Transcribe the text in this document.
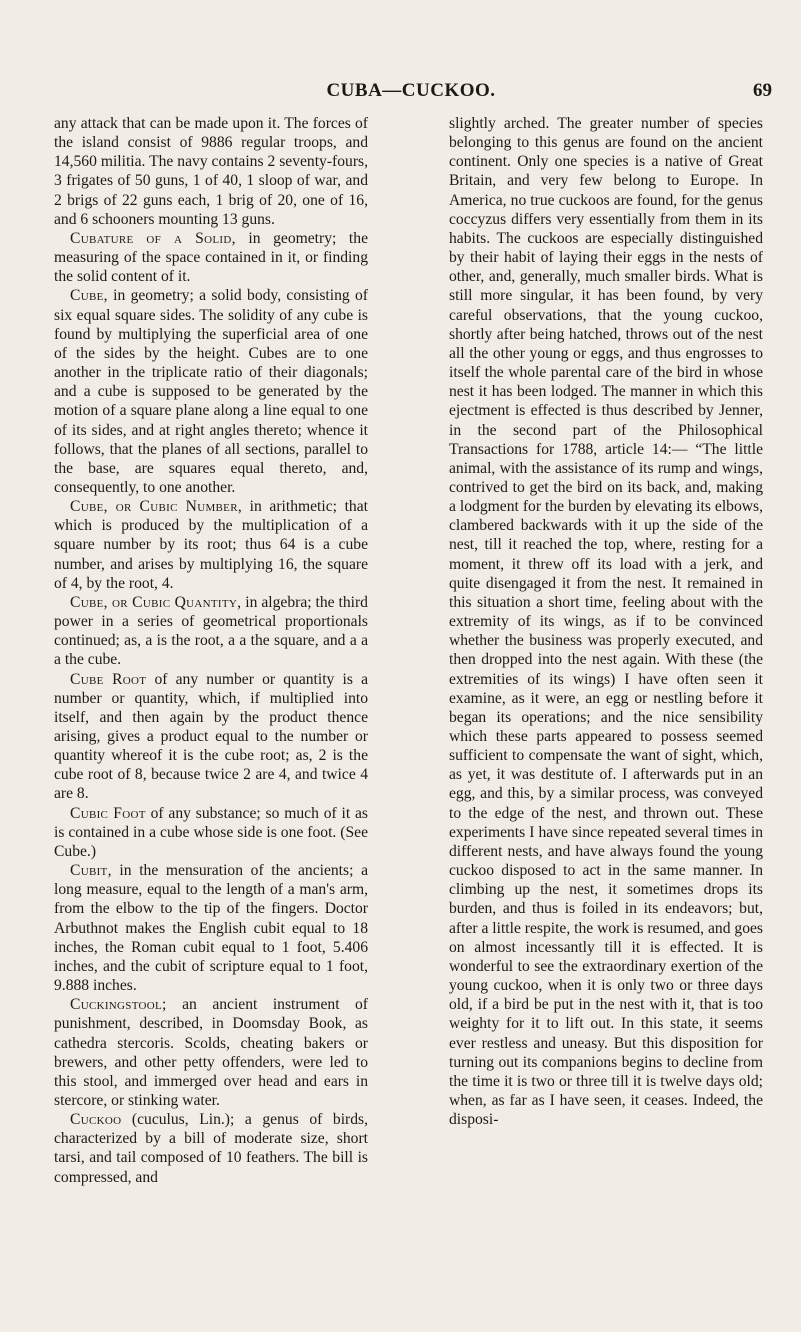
CUBA—CUCKOO.	69

any attack that can be made upon it. The forces of the island consist of 9886 regular troops, and 14,560 militia. The navy contains 2 seventy-fours, 3 frigates of 50 guns, 1 of 40, 1 sloop of war, and 2 brigs of 22 guns each, 1 brig of 20, one of 16, and 6 schooners mounting 13 guns.

Cubature of a Solid, in geometry; the measuring of the space contained in it, or finding the solid content of it.

Cube, in geometry; a solid body, consisting of six equal square sides. The solidity of any cube is found by multiplying the superficial area of one of the sides by the height. Cubes are to one another in the triplicate ratio of their diagonals; and a cube is supposed to be generated by the motion of a square plane along a line equal to one of its sides, and at right angles thereto; whence it follows, that the planes of all sections, parallel to the base, are squares equal thereto, and, consequently, to one another.

Cube, or Cubic Number, in arithmetic; that which is produced by the multiplication of a square number by its root; thus 64 is a cube number, and arises by multiplying 16, the square of 4, by the root, 4.

Cube, or Cubic Quantity, in algebra; the third power in a series of geometrical proportionals continued; as, a is the root, a a the square, and a a a the cube.

Cube Root of any number or quantity is a number or quantity, which, if multiplied into itself, and then again by the product thence arising, gives a product equal to the number or quantity whereof it is the cube root; as, 2 is the cube root of 8, because twice 2 are 4, and twice 4 are 8.

Cubic Foot of any substance; so much of it as is contained in a cube whose side is one foot. (See Cube.)

Cubit, in the mensuration of the ancients; a long measure, equal to the length of a man's arm, from the elbow to the tip of the fingers. Doctor Arbuthnot makes the English cubit equal to 18 inches, the Roman cubit equal to 1 foot, 5.406 inches, and the cubit of scripture equal to 1 foot, 9.888 inches.

Cuckingstool; an ancient instrument of punishment, described, in Doomsday Book, as cathedra stercoris. Scolds, cheating bakers or brewers, and other petty offenders, were led to this stool, and immerged over head and ears in stercore, or stinking water.

Cuckoo (cuculus, Lin.); a genus of birds, characterized by a bill of moderate size, short tarsi, and tail composed of 10 feathers. The bill is compressed, and

slightly arched. The greater number of species belonging to this genus are found on the ancient continent. Only one species is a native of Great Britain, and very few belong to Europe. In America, no true cuckoos are found, for the genus coccyzus differs very essentially from them in its habits. The cuckoos are especially distinguished by their habit of laying their eggs in the nests of other, and, generally, much smaller birds. What is still more singular, it has been found, by very careful observations, that the young cuckoo, shortly after being hatched, throws out of the nest all the other young or eggs, and thus engrosses to itself the whole parental care of the bird in whose nest it has been lodged. The manner in which this ejectment is effected is thus described by Jenner, in the second part of the Philosophical Transactions for 1788, article 14:— “The little animal, with the assistance of its rump and wings, contrived to get the bird on its back, and, making a lodgment for the burden by elevating its elbows, clambered backwards with it up the side of the nest, till it reached the top, where, resting for a moment, it threw off its load with a jerk, and quite disengaged it from the nest. It remained in this situation a short time, feeling about with the extremity of its wings, as if to be convinced whether the business was properly executed, and then dropped into the nest again. With these (the extremities of its wings) I have often seen it examine, as it were, an egg or nestling before it began its operations; and the nice sensibility which these parts appeared to possess seemed sufficient to compensate the want of sight, which, as yet, it was destitute of. I afterwards put in an egg, and this, by a similar process, was conveyed to the edge of the nest, and thrown out. These experiments I have since repeated several times in different nests, and have always found the young cuckoo disposed to act in the same manner. In climbing up the nest, it sometimes drops its burden, and thus is foiled in its endeavors; but, after a little respite, the work is resumed, and goes on almost incessantly till it is effected. It is wonderful to see the extraordinary exertion of the young cuckoo, when it is only two or three days old, if a bird be put in the nest with it, that is too weighty for it to lift out. In this state, it seems ever restless and uneasy. But this disposition for turning out its companions begins to decline from the time it is two or three till it is twelve days old; when, as far as I have seen, it ceases. Indeed, the disposi-
